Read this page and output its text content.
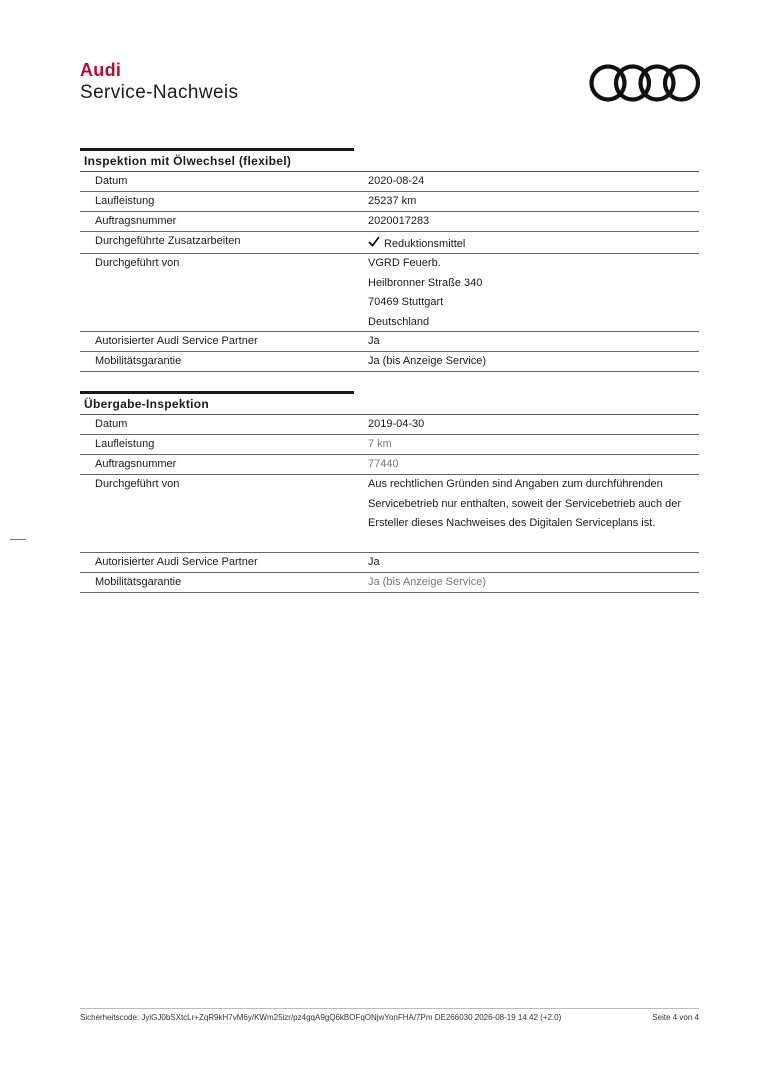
Audi
Service-Nachweis
Inspektion mit Ölwechsel (flexibel)
Datum	2020-08-24
Laufleistung	25237 km
Auftragsnummer	2020017283
Durchgeführte Zusatzarbeiten	Reduktionsmittel
Durchgeführt von	VGRD Feuerb.
Heilbronner Straße 340
70469 Stuttgart
Deutschland
Autorisierter Audi Service Partner	Ja
Mobilitätsgarantie	Ja (bis Anzeige Service)
Übergabe-Inspektion
Datum	2019-04-30
Laufleistung	7 km
Auftragsnummer	77440
Durchgeführt von	Aus rechtlichen Gründen sind Angaben zum durchführenden
Servicebetrieb nur enthalten, soweit der Servicebetrieb auch der
Ersteller dieses Nachweises des Digitalen Serviceplans ist.
Autorisierter Audi Service Partner	Ja
Mobilitätsgarantie	Ja (bis Anzeige Service)
Sicherheitscode: JyiGJ0bSXtcLr+ZqR9kH7vM6y/KWm25izr/pz4gqA9gQ6kBOFqONjwYonFHA/7Pm DE266030 2026-08-19 14:42 (+2.0)	Seite 4 von 4
